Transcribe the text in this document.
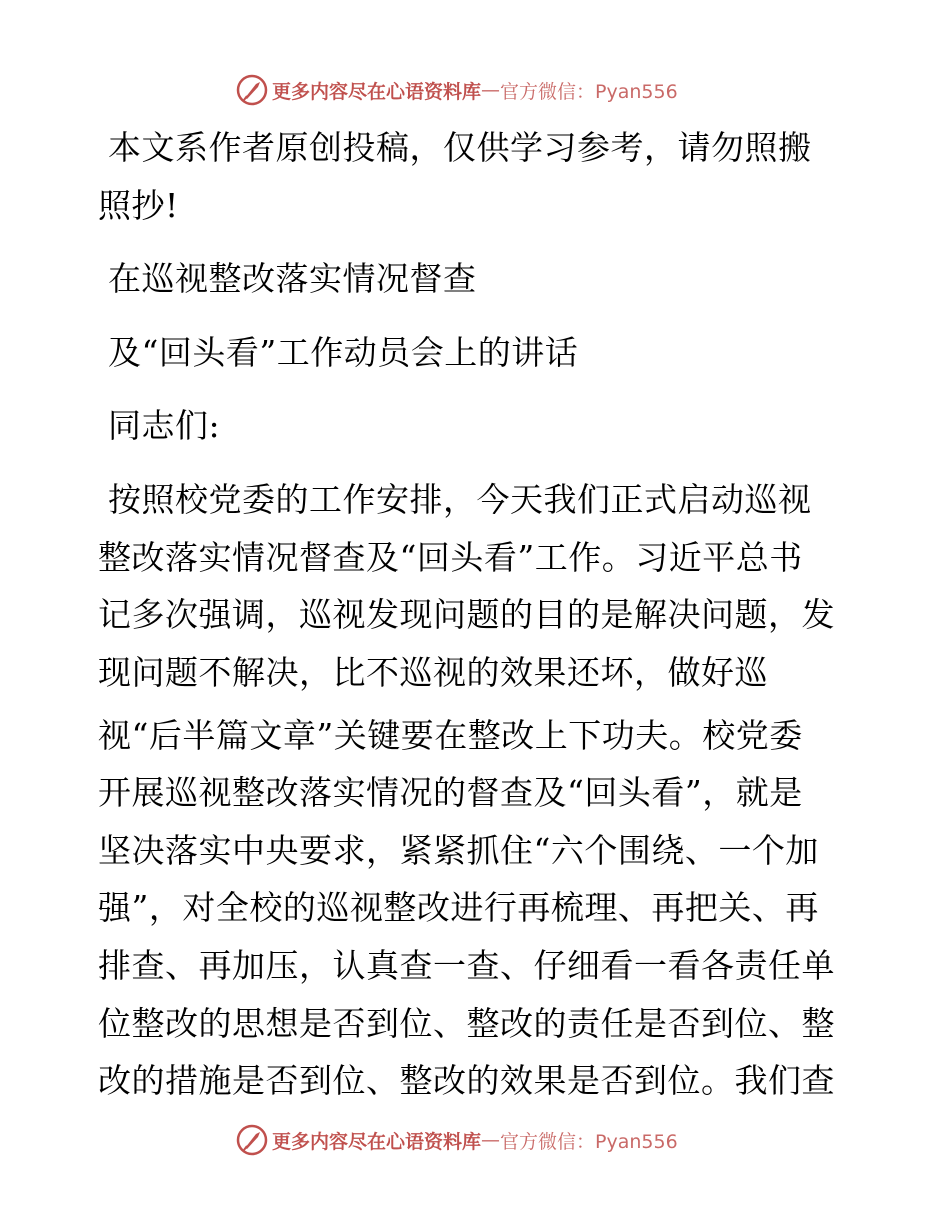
更多内容尽在心语资料库 — 官方微信：Pyan556
本文系作者原创投稿，仅供学习参考，请勿照搬
照抄!
在巡视整改落实情况督查
及“回头看”工作动员会上的讲话
同志们:
按照校党委的工作安排，今天我们正式启动巡视
整改落实情况督查及“回头看”工作。习近平总书
记多次强调，巡视发现问题的目的是解决问题，发
现问题不解决，比不巡视的效果还坏，做好巡
视“后半篇文章”关键要在整改上下功夫。校党委
开展巡视整改落实情况的督查及“回头看”，就是
坚决落实中央要求，紧紧抓住“六个围绕、一个加
强”，对全校的巡视整改进行再梳理、再把关、再
排查、再加压，认真查一查、仔细看一看各责任单
位整改的思想是否到位、整改的责任是否到位、整
改的措施是否到位、整改的效果是否到位。我们查
更多内容尽在心语资料库 — 官方微信：Pyan556
